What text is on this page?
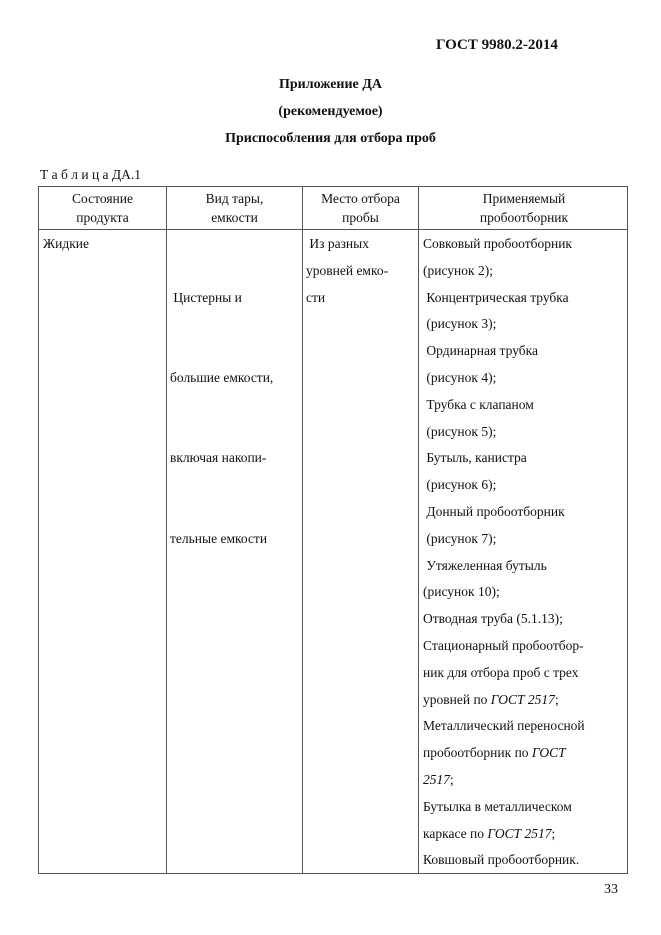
ГОСТ 9980.2-2014
Приложение ДА
(рекомендуемое)
Приспособления для отбора проб
Т а б л и ц а ДА.1
Состояние
продукта
Вид тары,
емкости
Место отбора
пробы
Применяемый
пробоотборник
Жидкие

Цистерны и

большие емкости,

включая накопи-

тельные емкости

Из разных
уровней емко-
сти
Совковый пробоотборник
(рисунок 2);
Концентрическая трубка
(рисунок 3);
Ординарная трубка
(рисунок 4);
Трубка с клапаном
(рисунок 5);
Бутыль, канистра
(рисунок 6);
Донный пробоотборник
(рисунок 7);
Утяжеленная бутыль
(рисунок 10);
Отводная труба (5.1.13);
Стационарный пробоотбор-
ник для отбора проб с трех
уровней по ГОСТ 2517;
Металлический переносной
пробоотборник по ГОСТ
2517;
Бутылка в металлическом
каркасе по ГОСТ 2517;
Ковшовый пробоотборник.
33
